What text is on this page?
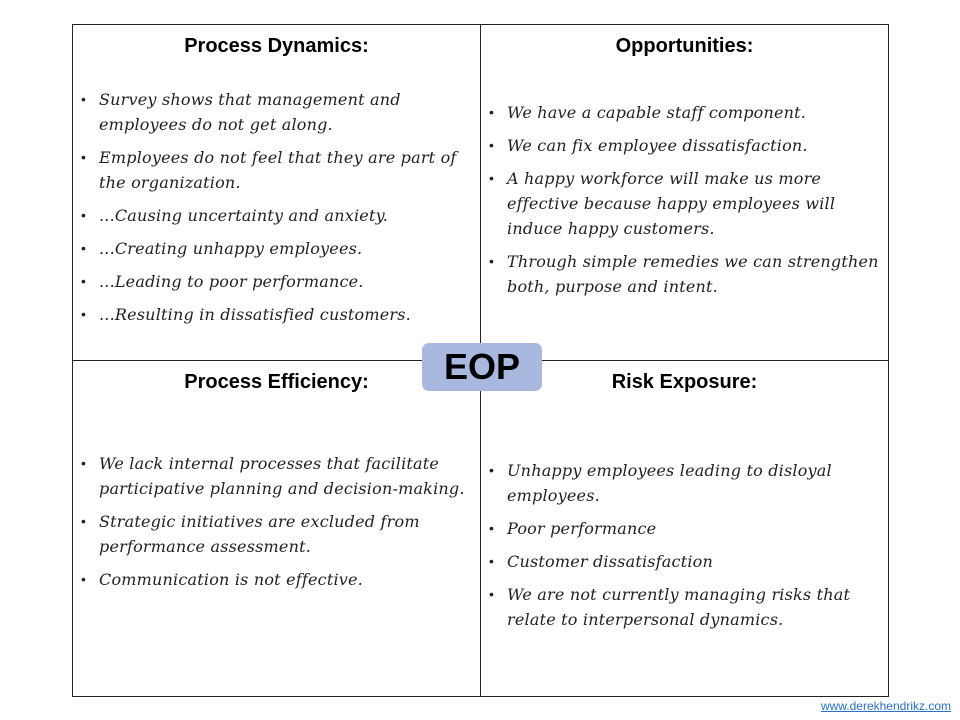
Process Dynamics:
• Survey shows that management and employees do not get along.
• Employees do not feel that they are part of the organization.
• ...Causing uncertainty and anxiety.
• ...Creating unhappy employees.
• ...Leading to poor performance.
• ...Resulting in dissatisfied customers.
Opportunities:
• We have a capable staff component.
• We can fix employee dissatisfaction.
• A happy workforce will make us more effective because happy employees will induce happy customers.
• Through simple remedies we can strengthen both, purpose and intent.
Process Efficiency:
• We lack internal processes that facilitate participative planning and decision-making.
• Strategic initiatives are excluded from performance assessment.
• Communication is not effective.
Risk Exposure:
• Unhappy employees leading to disloyal employees.
• Poor performance
• Customer dissatisfaction
• We are not currently managing risks that relate to interpersonal dynamics.
EOP
www.derekhendrikz.com
